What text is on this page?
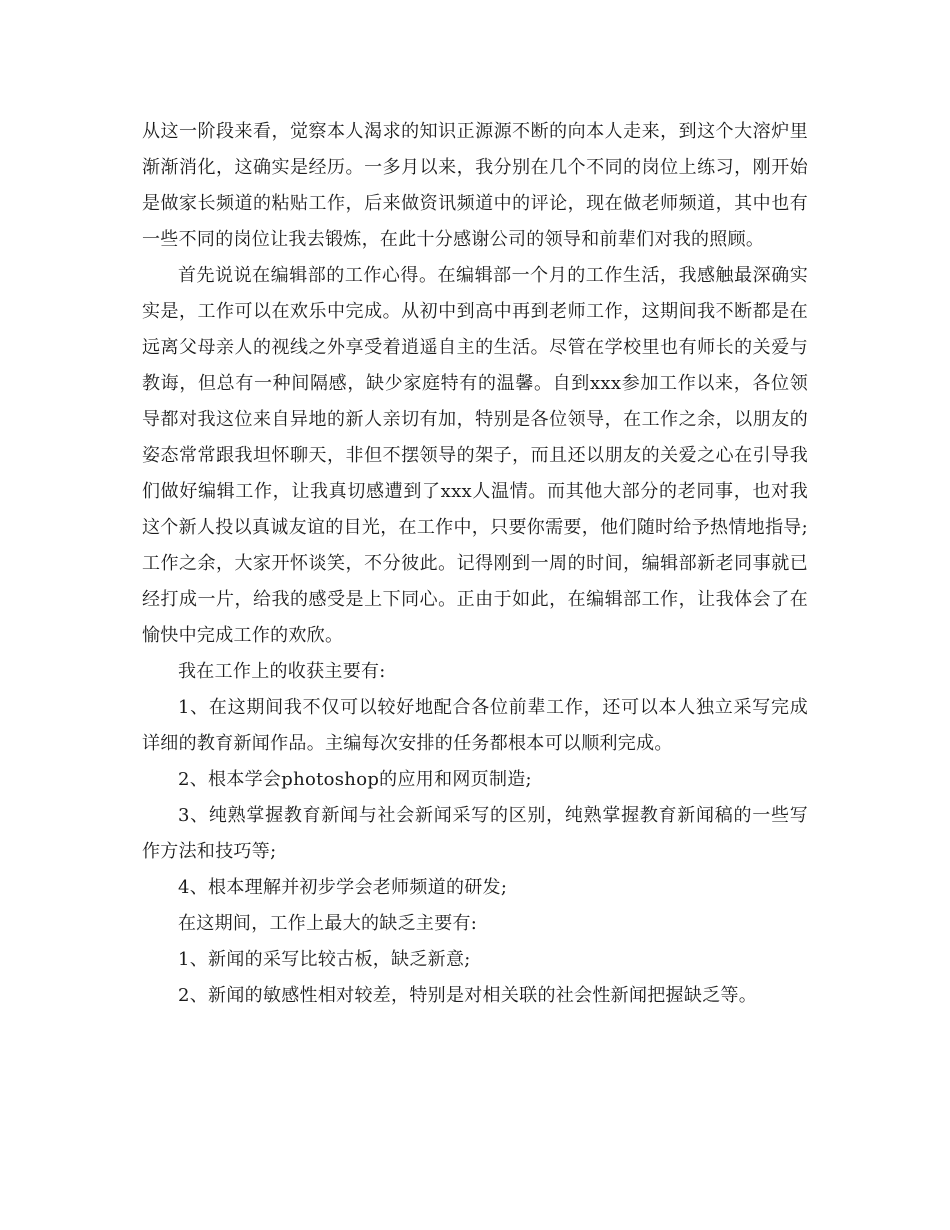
从这一阶段来看，觉察本人渴求的知识正源源不断的向本人走来，到这个大溶炉里渐渐消化，这确实是经历。一多月以来，我分别在几个不同的岗位上练习，刚开始是做家长频道的粘贴工作，后来做资讯频道中的评论，现在做老师频道，其中也有一些不同的岗位让我去锻炼，在此十分感谢公司的领导和前辈们对我的照顾。

首先说说在编辑部的工作心得。在编辑部一个月的工作生活，我感触最深确实实是，工作可以在欢乐中完成。从初中到高中再到老师工作，这期间我不断都是在远离父母亲人的视线之外享受着逍遥自主的生活。尽管在学校里也有师长的关爱与教诲，但总有一种间隔感，缺少家庭特有的温馨。自到xxx参加工作以来，各位领导都对我这位来自异地的新人亲切有加，特别是各位领导，在工作之余，以朋友的姿态常常跟我坦怀聊天，非但不摆领导的架子，而且还以朋友的关爱之心在引导我们做好编辑工作，让我真切感遭到了xxx人温情。而其他大部分的老同事，也对我这个新人投以真诚友谊的目光，在工作中，只要你需要，他们随时给予热情地指导;工作之余，大家开怀谈笑，不分彼此。记得刚到一周的时间，编辑部新老同事就已经打成一片，给我的感受是上下同心。正由于如此，在编辑部工作，让我体会了在愉快中完成工作的欢欣。

我在工作上的收获主要有:

1、在这期间我不仅可以较好地配合各位前辈工作，还可以本人独立采写完成详细的教育新闻作品。主编每次安排的任务都根本可以顺利完成。

2、根本学会photoshop的应用和网页制造;

3、纯熟掌握教育新闻与社会新闻采写的区别，纯熟掌握教育新闻稿的一些写作方法和技巧等;

4、根本理解并初步学会老师频道的研发;

在这期间，工作上最大的缺乏主要有:

1、新闻的采写比较古板，缺乏新意;

2、新闻的敏感性相对较差，特别是对相关联的社会性新闻把握缺乏等。
